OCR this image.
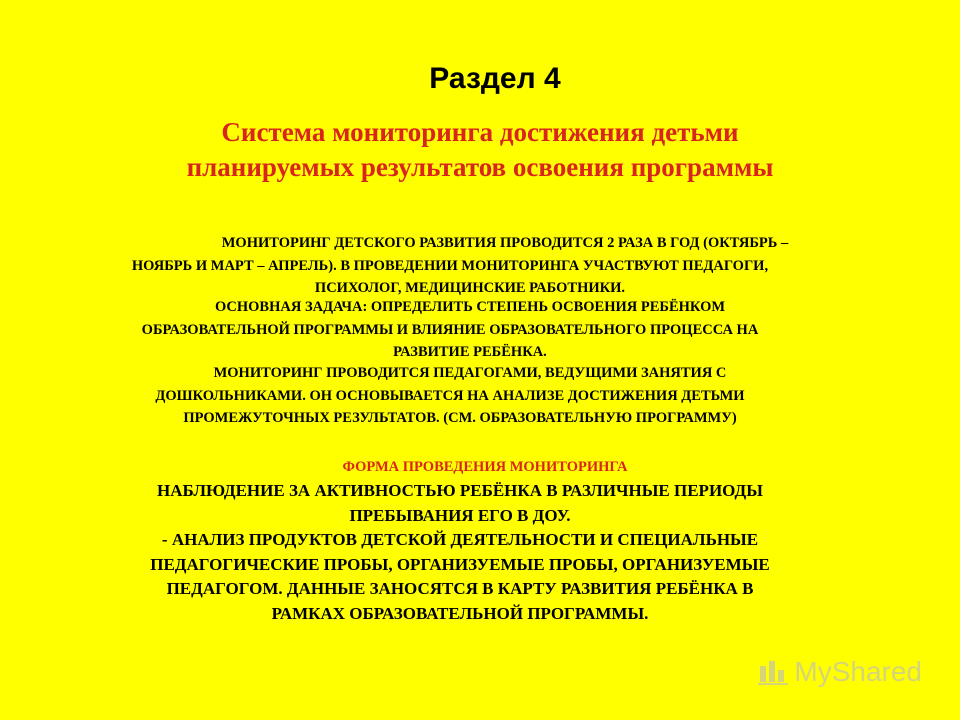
Раздел 4
Система мониторинга достижения детьми
планируемых результатов освоения программы
МОНИТОРИНГ ДЕТСКОГО РАЗВИТИЯ ПРОВОДИТСЯ 2 РАЗА В ГОД (ОКТЯБРЬ –
НОЯБРЬ И МАРТ – АПРЕЛЬ). В ПРОВЕДЕНИИ МОНИТОРИНГА УЧАСТВУЮТ ПЕДАГОГИ,
ПСИХОЛОГ, МЕДИЦИНСКИЕ РАБОТНИКИ.
ОСНОВНАЯ ЗАДАЧА: ОПРЕДЕЛИТЬ СТЕПЕНЬ ОСВОЕНИЯ РЕБЁНКОМ
ОБРАЗОВАТЕЛЬНОЙ ПРОГРАММЫ И ВЛИЯНИЕ ОБРАЗОВАТЕЛЬНОГО ПРОЦЕССА НА
РАЗВИТИЕ РЕБЁНКА.
МОНИТОРИНГ ПРОВОДИТСЯ ПЕДАГОГАМИ, ВЕДУЩИМИ ЗАНЯТИЯ С
ДОШКОЛЬНИКАМИ. ОН ОСНОВЫВАЕТСЯ НА АНАЛИЗЕ ДОСТИЖЕНИЯ ДЕТЬМИ
ПРОМЕЖУТОЧНЫХ РЕЗУЛЬТАТОВ. (СМ. ОБРАЗОВАТЕЛЬНУЮ ПРОГРАММУ)
ФОРМА ПРОВЕДЕНИЯ МОНИТОРИНГА
НАБЛЮДЕНИЕ ЗА АКТИВНОСТЬЮ РЕБЁНКА В РАЗЛИЧНЫЕ ПЕРИОДЫ
ПРЕБЫВАНИЯ ЕГО В ДОУ.
- АНАЛИЗ ПРОДУКТОВ ДЕТСКОЙ ДЕЯТЕЛЬНОСТИ И СПЕЦИАЛЬНЫЕ
ПЕДАГОГИЧЕСКИЕ ПРОБЫ, ОРГАНИЗУЕМЫЕ ПРОБЫ, ОРГАНИЗУЕМЫЕ
ПЕДАГОГОМ. ДАННЫЕ ЗАНОСЯТСЯ В КАРТУ РАЗВИТИЯ РЕБЁНКА В
РАМКАХ ОБРАЗОВАТЕЛЬНОЙ ПРОГРАММЫ.
MyShared
